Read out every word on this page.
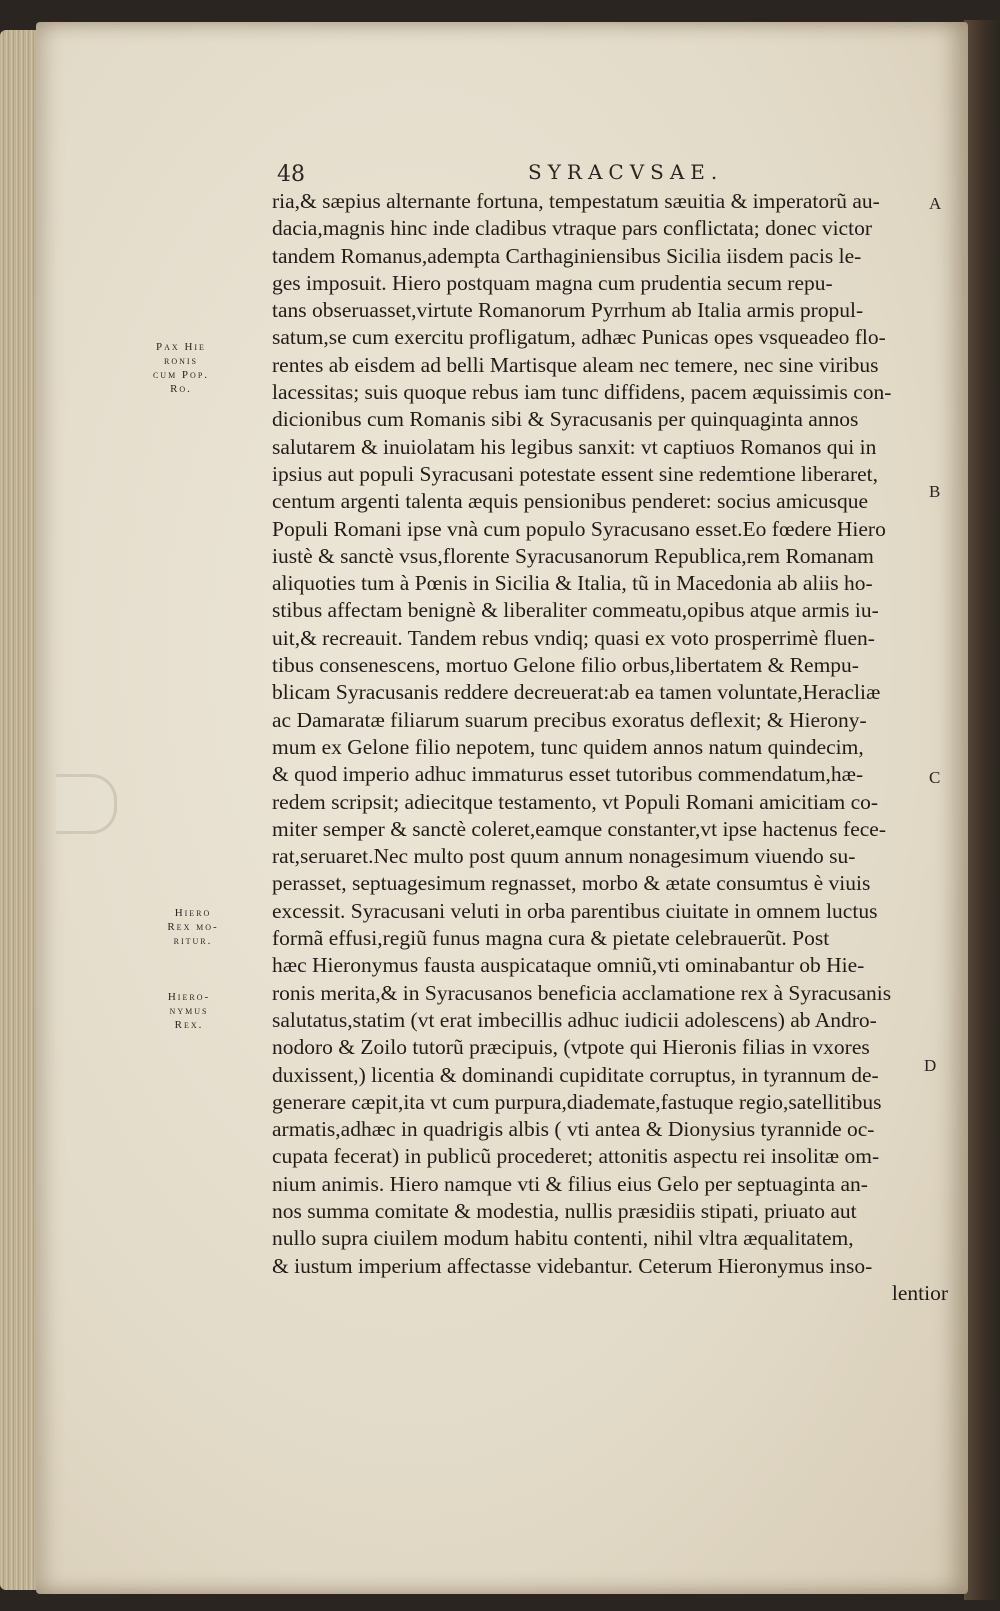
48	SYRACVSAE.
ria,& sæpius alternante fortuna, tempestatum sæuitia & imperatorũ au-
dacia,magnis hinc inde cladibus vtraque pars conflictata; donec victor
tandem Romanus,adempta Carthaginiensibus Sicilia iisdem pacis le-
ges imposuit. Hiero postquam magna cum prudentia secum repu-
tans obseruasset,virtute Romanorum Pyrrhum ab Italia armis propul-
satum,se cum exercitu profligatum, adhæc Punicas opes vsqueadeo flo-
rentes ab eisdem ad belli Martisque aleam nec temere, nec sine viribus
lacessitas; suis quoque rebus iam tunc diffidens, pacem æquissimis con-
dicionibus cum Romanis sibi & Syracusanis per quinquaginta annos
salutarem & inuiolatam his legibus sanxit: vt captiuos Romanos qui in
ipsius aut populi Syracusani potestate essent sine redemtione liberaret,
centum argenti talenta æquis pensionibus penderet: socius amicusque
Populi Romani ipse vnà cum populo Syracusano esset.Eo fœdere Hiero
iustè & sanctè vsus,florente Syracusanorum Republica,rem Romanam
aliquoties tum à Pœnis in Sicilia & Italia, tũ in Macedonia ab aliis ho-
stibus affectam benignè & liberaliter commeatu,opibus atque armis iu-
uit,& recreauit. Tandem rebus vndiq; quasi ex voto prosperrimè fluen-
tibus consenescens, mortuo Gelone filio orbus,libertatem & Rempu-
blicam Syracusanis reddere decreuerat:ab ea tamen voluntate,Heracliæ
ac Damaratæ filiarum suarum precibus exoratus deflexit; & Hierony-
mum ex Gelone filio nepotem, tunc quidem annos natum quindecim,
& quod imperio adhuc immaturus esset tutoribus commendatum,hæ-
redem scripsit; adiecitque testamento, vt Populi Romani amicitiam co-
miter semper & sanctè coleret,eamque constanter,vt ipse hactenus fece-
rat,seruaret.Nec multo post quum annum nonagesimum viuendo su-
perasset, septuagesimum regnasset, morbo & ætate consumtus è viuis
excessit. Syracusani veluti in orba parentibus ciuitate in omnem luctus
formã effusi,regiũ funus magna cura & pietate celebrauerũt. Post
hæc Hieronymus fausta auspicataque omniũ,vti ominabantur ob Hie-
ronis merita,& in Syracusanos beneficia acclamatione rex à Syracusanis
salutatus,statim (vt erat imbecillis adhuc iudicii adolescens) ab Andro-
nodoro & Zoilo tutorũ præcipuis, (vtpote qui Hieronis filias in vxores
duxissent,) licentia & dominandi cupiditate corruptus, in tyrannum de-
generare cæpit,ita vt cum purpura,diademate,fastuque regio,satellitibus
armatis,adhæc in quadrigis albis ( vti antea & Dionysius tyrannide oc-
cupata fecerat) in publicũ procederet; attonitis aspectu rei insolitæ om-
nium animis. Hiero namque vti & filius eius Gelo per septuaginta an-
nos summa comitate & modestia, nullis præsidiis stipati, priuato aut
nullo supra ciuilem modum habitu contenti, nihil vltra æqualitatem,
& iustum imperium affectasse videbantur. Ceterum Hieronymus inso-
lentior
Pax Hie
ronis
cum Pop.
Ro.
Hiero
Rex mo-
ritur.
Hiero-
nymus
Rex.
A
B
C
D
